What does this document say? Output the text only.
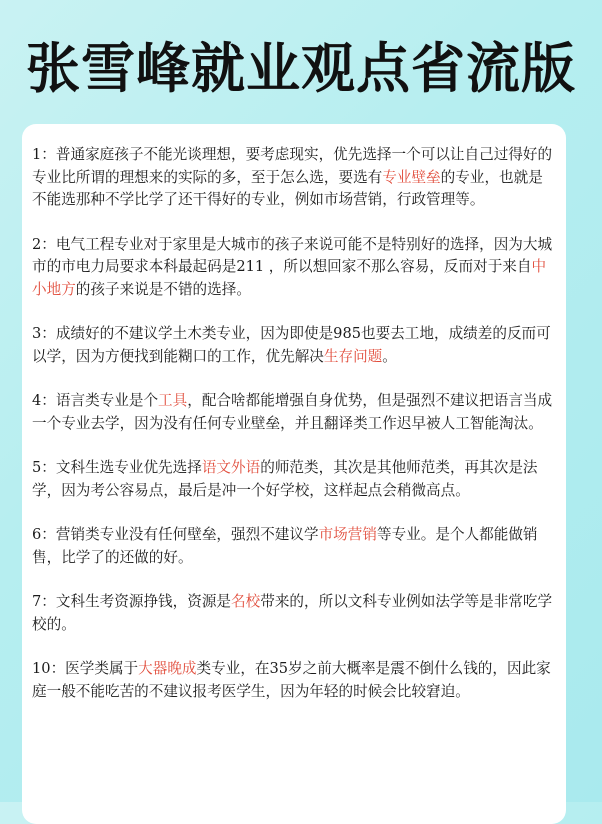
张雪峰就业观点省流版

1：普通家庭孩子不能光谈理想，要考虑现实，优先选择一个可以让自己过得好的专业比所谓的理想来的实际的多，至于怎么选，要选有专业壁垒的专业，也就是不能选那种不学比学了还干得好的专业，例如市场营销，行政管理等。

2：电气工程专业对于家里是大城市的孩子来说可能不是特别好的选择，因为大城市的市电力局要求本科最起码是211 ，所以想回家不那么容易，反而对于来自中小地方的孩子来说是不错的选择。

3：成绩好的不建议学土木类专业，因为即使是985也要去工地，成绩差的反而可以学，因为方便找到能糊口的工作，优先解决生存问题。

4：语言类专业是个工具，配合啥都能增强自身优势，但是强烈不建议把语言当成一个专业去学，因为没有任何专业壁垒，并且翻译类工作迟早被人工智能淘汰。

5：文科生选专业优先选择语文外语的师范类，其次是其他师范类，再其次是法学，因为考公容易点，最后是冲一个好学校，这样起点会稍微高点。

6：营销类专业没有任何壁垒，强烈不建议学市场营销等专业。是个人都能做销售，比学了的还做的好。

7：文科生考资源挣钱，资源是名校带来的，所以文科专业例如法学等是非常吃学校的。

10：医学类属于大器晚成类专业，在35岁之前大概率是震不倒什么钱的，因此家庭一般不能吃苦的不建议报考医学生，因为年轻的时候会比较窘迫。
